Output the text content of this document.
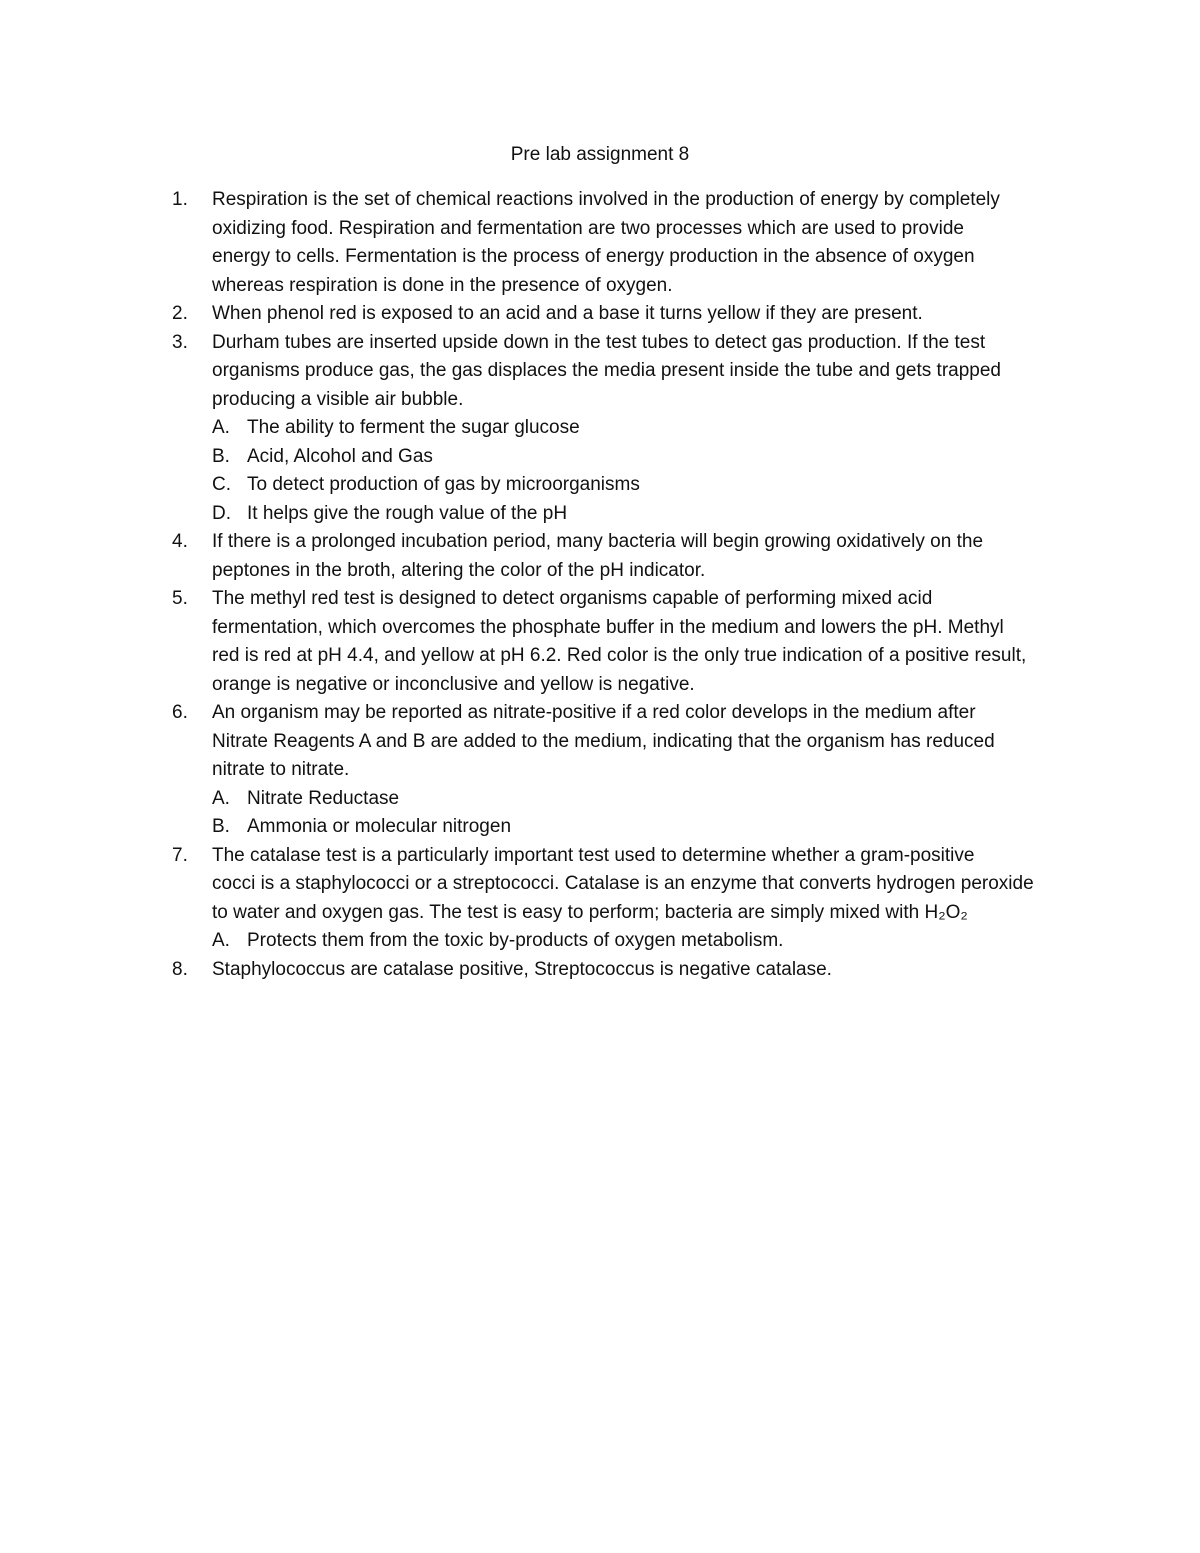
Pre lab assignment 8
1.	Respiration is the set of chemical reactions involved in the production of energy by completely
oxidizing food. Respiration and fermentation are two processes which are used to provide
energy to cells. Fermentation is the process of energy production in the absence of oxygen
whereas respiration is done in the presence of oxygen.
2.	When phenol red is exposed to an acid and a base it turns yellow if they are present.
3.	Durham tubes are inserted upside down in the test tubes to detect gas production. If the test
organisms produce gas, the gas displaces the media present inside the tube and gets trapped
producing a visible air bubble.
A. The ability to ferment the sugar glucose
B. Acid, Alcohol and Gas
C. To detect production of gas by microorganisms
D. It helps give the rough value of the pH
4.	If there is a prolonged incubation period, many bacteria will begin growing oxidatively on the
peptones in the broth, altering the color of the pH indicator.
5.	The methyl red test is designed to detect organisms capable of performing mixed acid
fermentation, which overcomes the phosphate buffer in the medium and lowers the pH. Methyl
red is red at pH 4.4, and yellow at pH 6.2. Red color is the only true indication of a positive result,
orange is negative or inconclusive and yellow is negative.
6.	An organism may be reported as nitrate-positive if a red color develops in the medium after
Nitrate Reagents A and B are added to the medium, indicating that the organism has reduced
nitrate to nitrate.
A. Nitrate Reductase
B. Ammonia or molecular nitrogen
7.	The catalase test is a particularly important test used to determine whether a gram-positive
cocci is a staphylococci or a streptococci. Catalase is an enzyme that converts hydrogen peroxide
to water and oxygen gas. The test is easy to perform; bacteria are simply mixed with H₂O₂
A. Protects them from the toxic by-products of oxygen metabolism.
8.	Staphylococcus are catalase positive, Streptococcus is negative catalase.
